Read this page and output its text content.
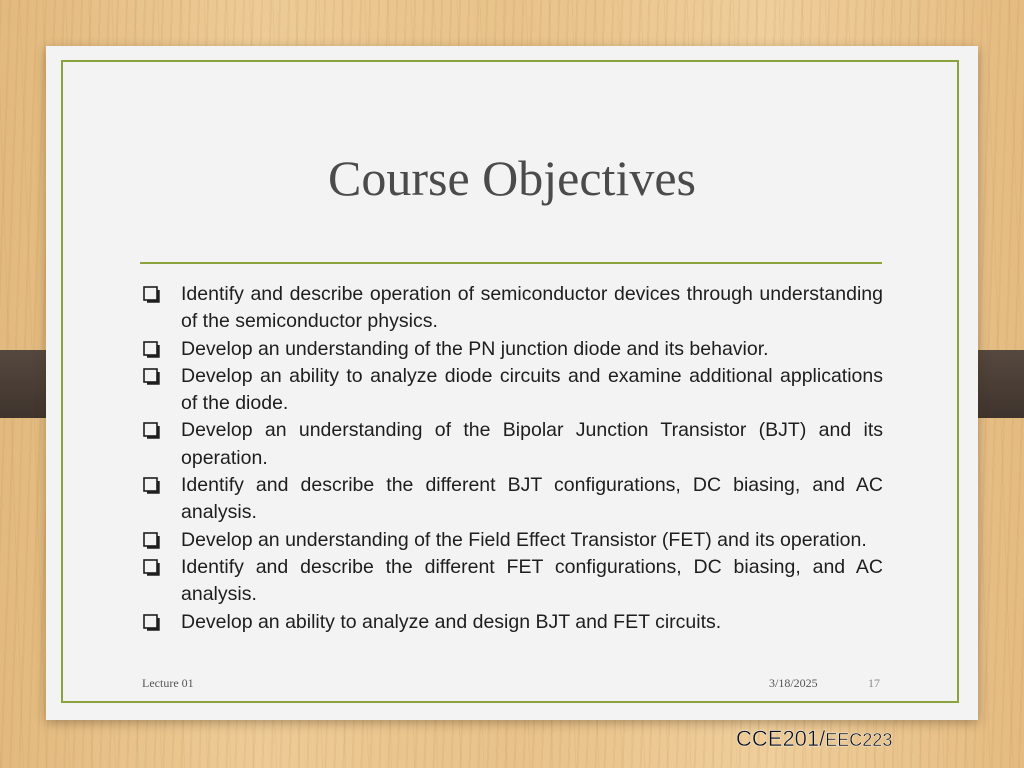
Course Objectives
Identify and describe operation of semiconductor devices through understanding of the semiconductor physics.
Develop an understanding of the PN junction diode and its behavior.
Develop an ability to analyze diode circuits and examine additional applications of the diode.
Develop an understanding of the Bipolar Junction Transistor (BJT) and its operation.
Identify and describe the different BJT configurations, DC biasing, and AC analysis.
Develop an understanding of the Field Effect Transistor (FET) and its operation.
Identify and describe the different FET configurations, DC biasing, and AC analysis.
Develop an ability to analyze and design BJT and FET circuits.
Lecture 01	3/18/2025	17
CCE201/EEC223
